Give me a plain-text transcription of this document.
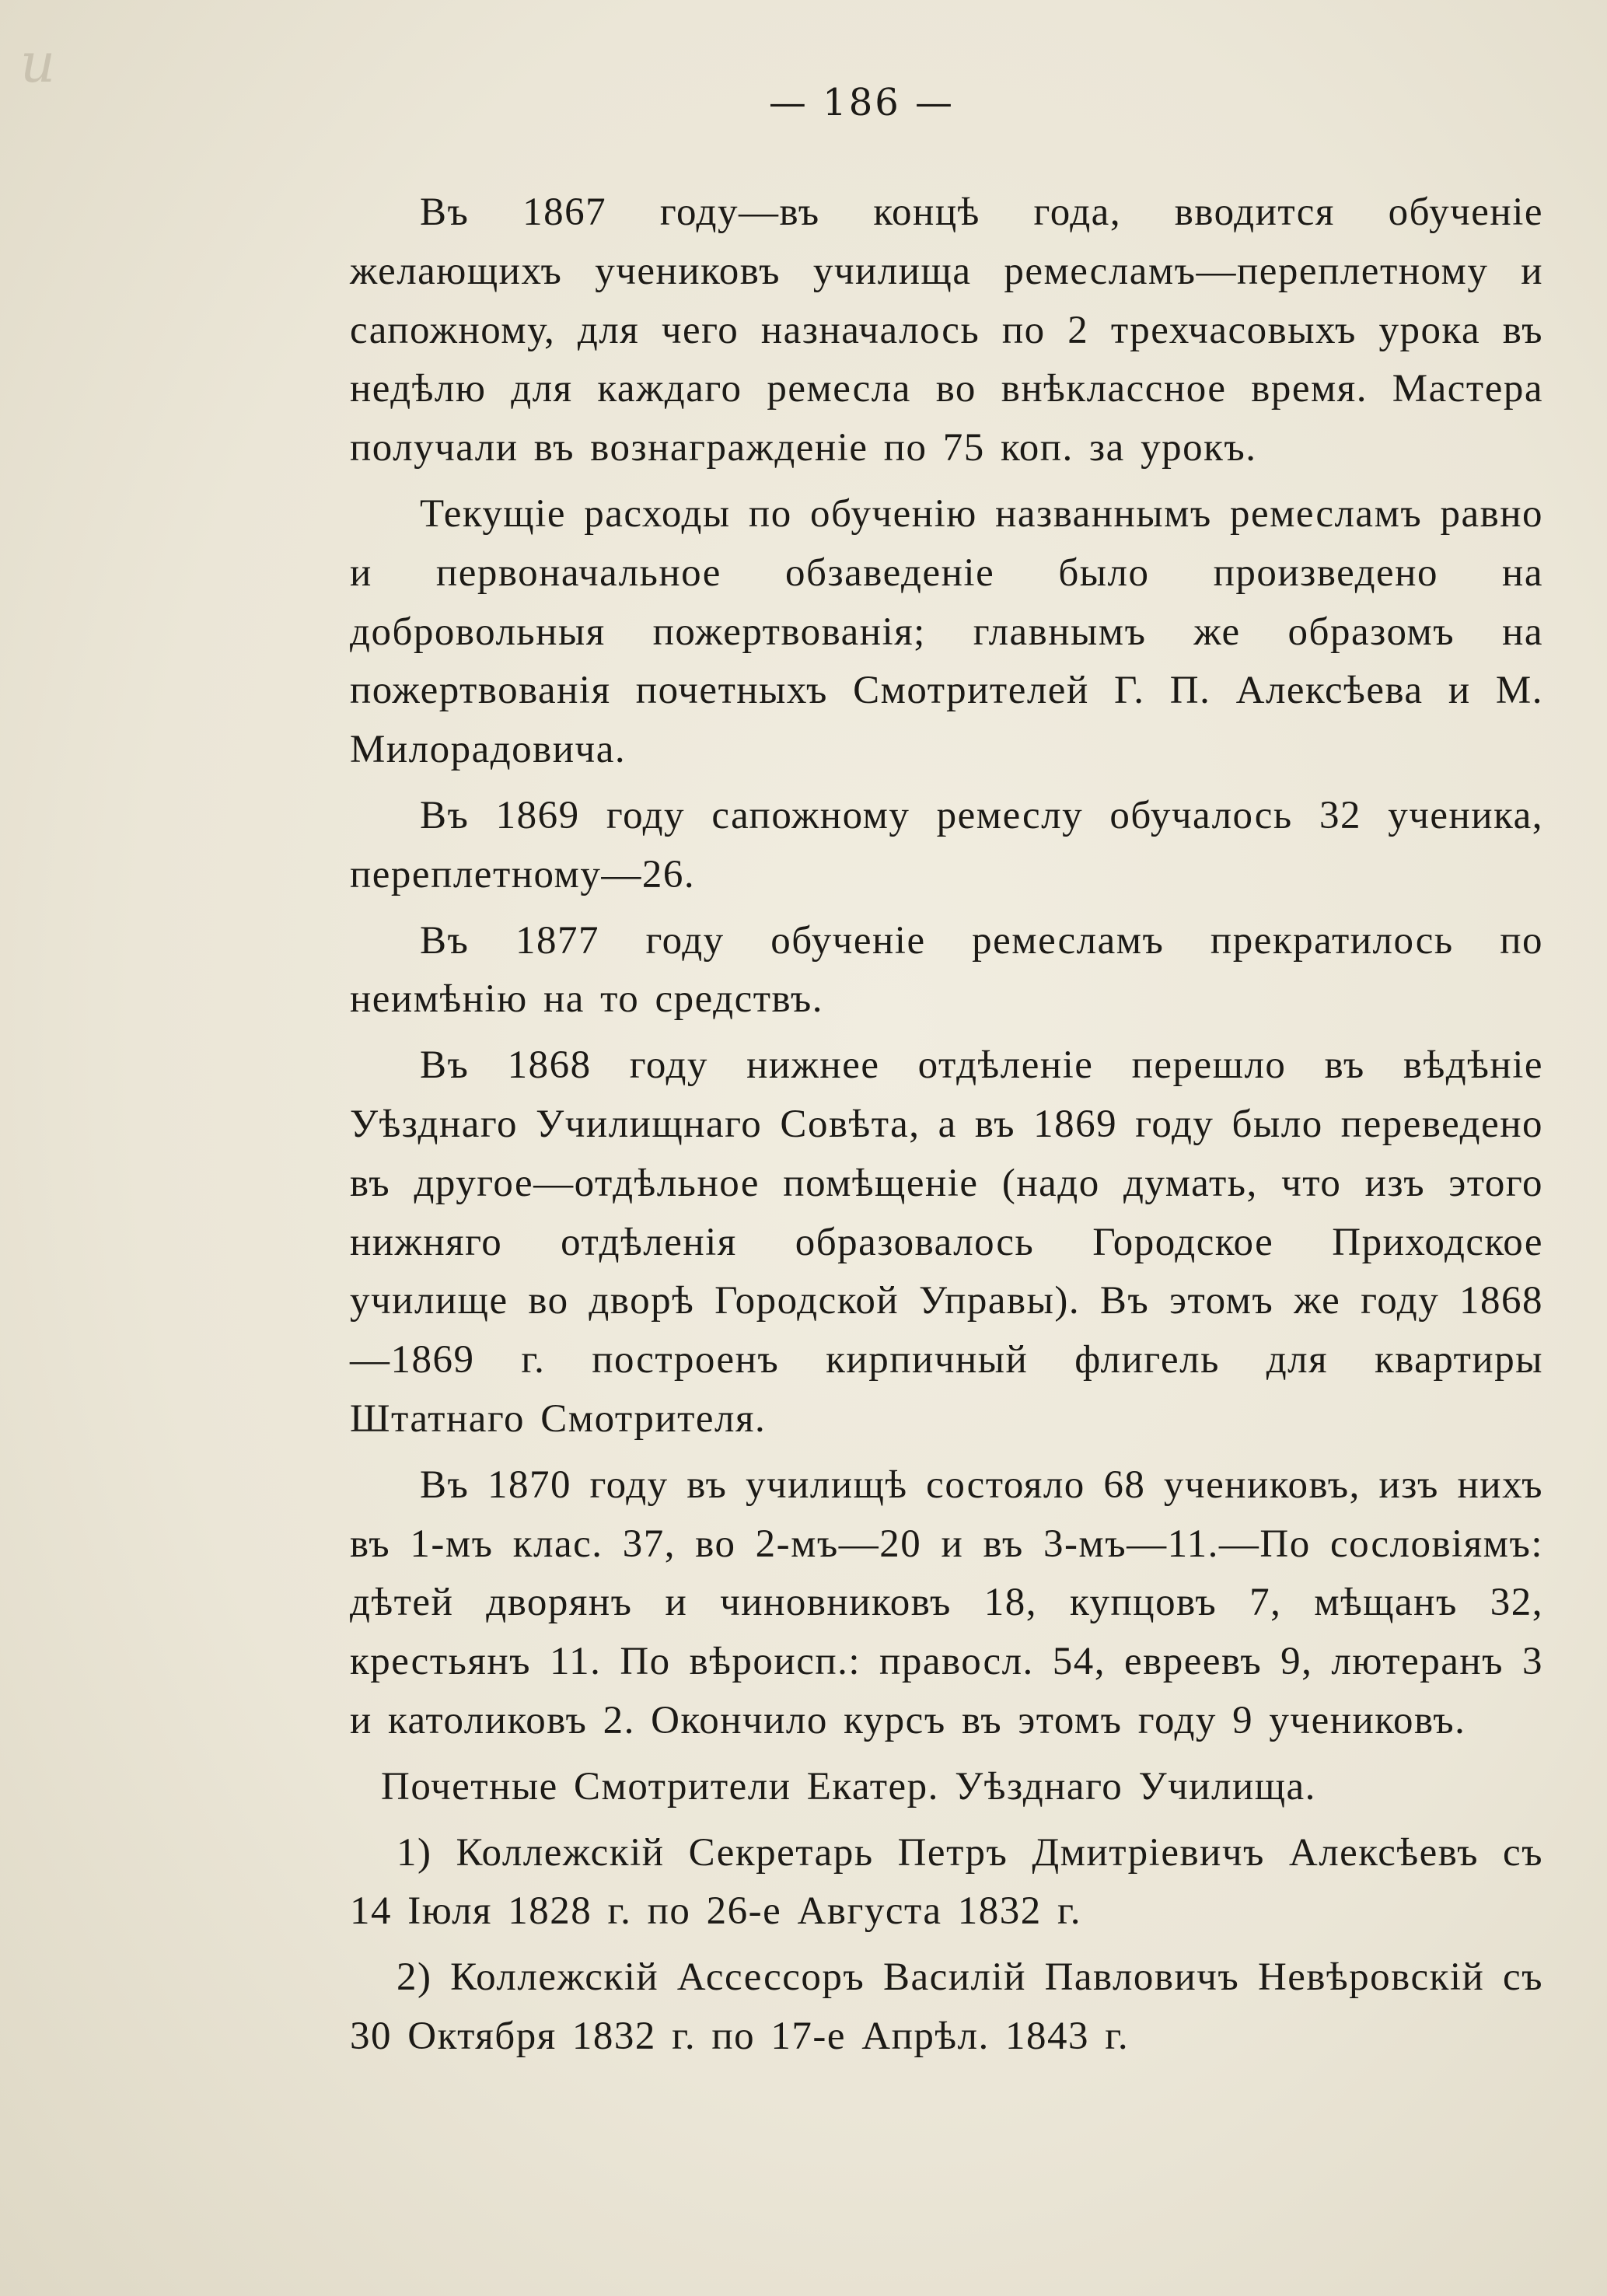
u
— 186 —

Въ 1867 году—въ концѣ года, вводится обученіе желающихъ учениковъ училища ремесламъ—переплетному и сапожному, для чего назначалось по 2 трехчасовыхъ урока въ недѣлю для каждаго ремесла во внѣклассное время. Мастера получали въ вознагражденіе по 75 коп. за урокъ.

Текущіе расходы по обученію названнымъ ремесламъ равно и первоначальное обзаведеніе было произведено на добровольныя пожертвованія; главнымъ же образомъ на пожертвованія почетныхъ Смотрителей Г. П. Алексѣева и М. Милорадовича.

Въ 1869 году сапожному ремеслу обучалось 32 ученика, переплетному—26.

Въ 1877 году обученіе ремесламъ прекратилось по неимѣнію на то средствъ.

Въ 1868 году нижнее отдѣленіе перешло въ вѣдѣніе Уѣзднаго Училищнаго Совѣта, а въ 1869 году было переведено въ другое—отдѣльное помѣщеніе (надо думать, что изъ этого нижняго отдѣленія образовалось Городское Приходское училище во дворѣ Городской Управы). Въ этомъ же году 1868—1869 г. построенъ кирпичный флигель для квартиры Штатнаго Смотрителя.

Въ 1870 году въ училищѣ состояло 68 учениковъ, изъ нихъ въ 1-мъ клас. 37, во 2-мъ—20 и въ 3-мъ—11.—По сословіямъ: дѣтей дворянъ и чиновниковъ 18, купцовъ 7, мѣщанъ 32, крестьянъ 11. По вѣроисп.: правосл. 54, евреевъ 9, лютеранъ 3 и католиковъ 2. Окончило курсъ въ этомъ году 9 учениковъ.

Почетные Смотрители Екатер. Уѣзднаго Училища.

1) Коллежскій Секретарь Петръ Дмитріевичъ Алексѣевъ съ 14 Іюля 1828 г. по 26-е Августа 1832 г.

2) Коллежскій Ассессоръ Василій Павловичъ Невѣровскій съ 30 Октября 1832 г. по 17-е Апрѣл. 1843 г.
